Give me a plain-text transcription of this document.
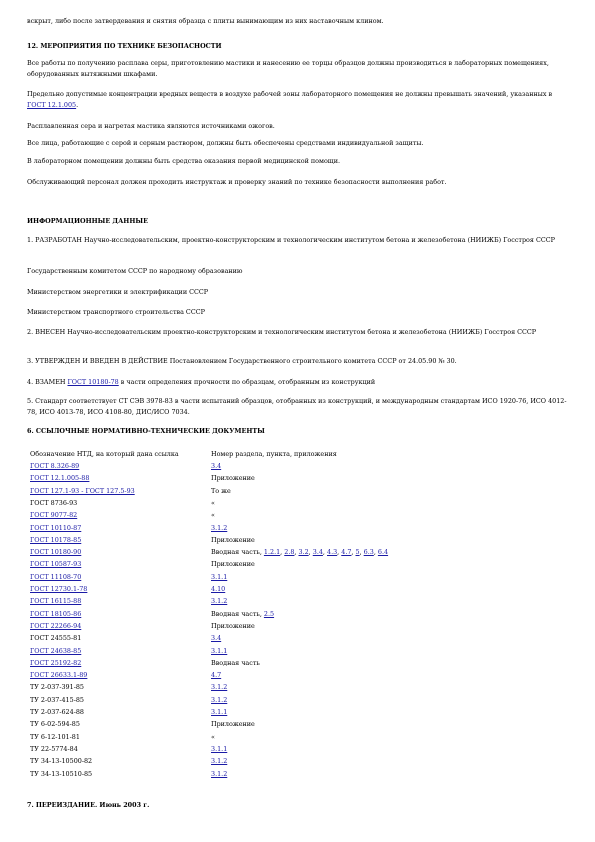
вскрыт, либо после затвердевания и снятия образца с плиты вынимающим из них наставочным клином.

12. МЕРОПРИЯТИЯ ПО ТЕХНИКЕ БЕЗОПАСНОСТИ

Все работы по получению расплава серы, приготовлению мастики и нанесению ее торцы образцов должны производиться в лабораторных помещениях, оборудованных вытяжными шкафами.

Предельно допустимые концентрации вредных веществ в воздухе рабочей зоны лабораторного помещения не должны превышать значений, указанных в ГОСТ 12.1.005.

Расплавленная сера и нагретая мастика являются источниками ожогов.

Все лица, работающие с серой и серным раствором, должны быть обеспечены средствами индивидуальной защиты.

В лабораторном помещении должны быть средства оказания первой медицинской помощи.

Обслуживающий персонал должен проходить инструктаж и проверку знаний по технике безопасности выполнения работ.

ИНФОРМАЦИОННЫЕ ДАННЫЕ

1. РАЗРАБОТАН Научно-исследовательским, проектно-конструкторским и технологическим институтом бетона и железобетона (НИИЖБ) Госстроя СССР

Государственным комитетом СССР по народному образованию

Министерством энергетики и электрификации СССР

Министерством транспортного строительства СССР

2. ВНЕСЕН Научно-исследовательским проектно-конструкторским и технологическим институтом бетона и железобетона (НИИЖБ) Госстроя СССР

3. УТВЕРЖДЕН И ВВЕДЕН В ДЕЙСТВИЕ Постановлением Государственного строительного комитета СССР от 24.05.90 № 30.

4. ВЗАМЕН ГОСТ 10180-78 в части определения прочности по образцам, отобранным из конструкций

5. Стандарт соответствует СТ СЭВ 3978-83 в части испытаний образцов, отобранных из конструкций, и международным стандартам ИСО 1920-76, ИСО 4012-78, ИСО 4013-78, ИСО 4108-80, ДИС/ИСО 7034.

6. ССЫЛОЧНЫЕ НОРМАТИВНО-ТЕХНИЧЕСКИЕ ДОКУМЕНТЫ

Обозначение НТД, на который дана ссылка	Номер раздела, пункта, приложения
ГОСТ 8.326-89	3.4
ГОСТ 12.1.005-88	Приложение
ГОСТ 127.1-93 - ГОСТ 127.5-93	То же
ГОСТ 8736-93	«
ГОСТ 9077-82	«
ГОСТ 10110-87	3.1.2
ГОСТ 10178-85	Приложение
ГОСТ 10180-90	Вводная часть, 1.2.1, 2.8, 3.2, 3.4, 4.3, 4.7, 5, 6.3, 6.4
ГОСТ 10587-93	Приложение
ГОСТ 11108-70	3.1.1
ГОСТ 12730.1-78	4.10
ГОСТ 16115-88	3.1.2
ГОСТ 18105-86	Вводная часть, 2.5
ГОСТ 22266-94	Приложение
ГОСТ 24555-81	3.4
ГОСТ 24638-85	3.1.1
ГОСТ 25192-82	Вводная часть
ГОСТ 26633.1-89	4.7
ТУ 2-037-391-85	3.1.2
ТУ 2-037-415-85	3.1.2
ТУ 2-037-624-88	3.1.1
ТУ 6-02-594-85	Приложение
ТУ 6-12-101-81	«
ТУ 22-5774-84	3.1.1
ТУ 34-13-10500-82	3.1.2
ТУ 34-13-10510-85	3.1.2

7. ПЕРЕИЗДАНИЕ. Июнь 2003 г.
